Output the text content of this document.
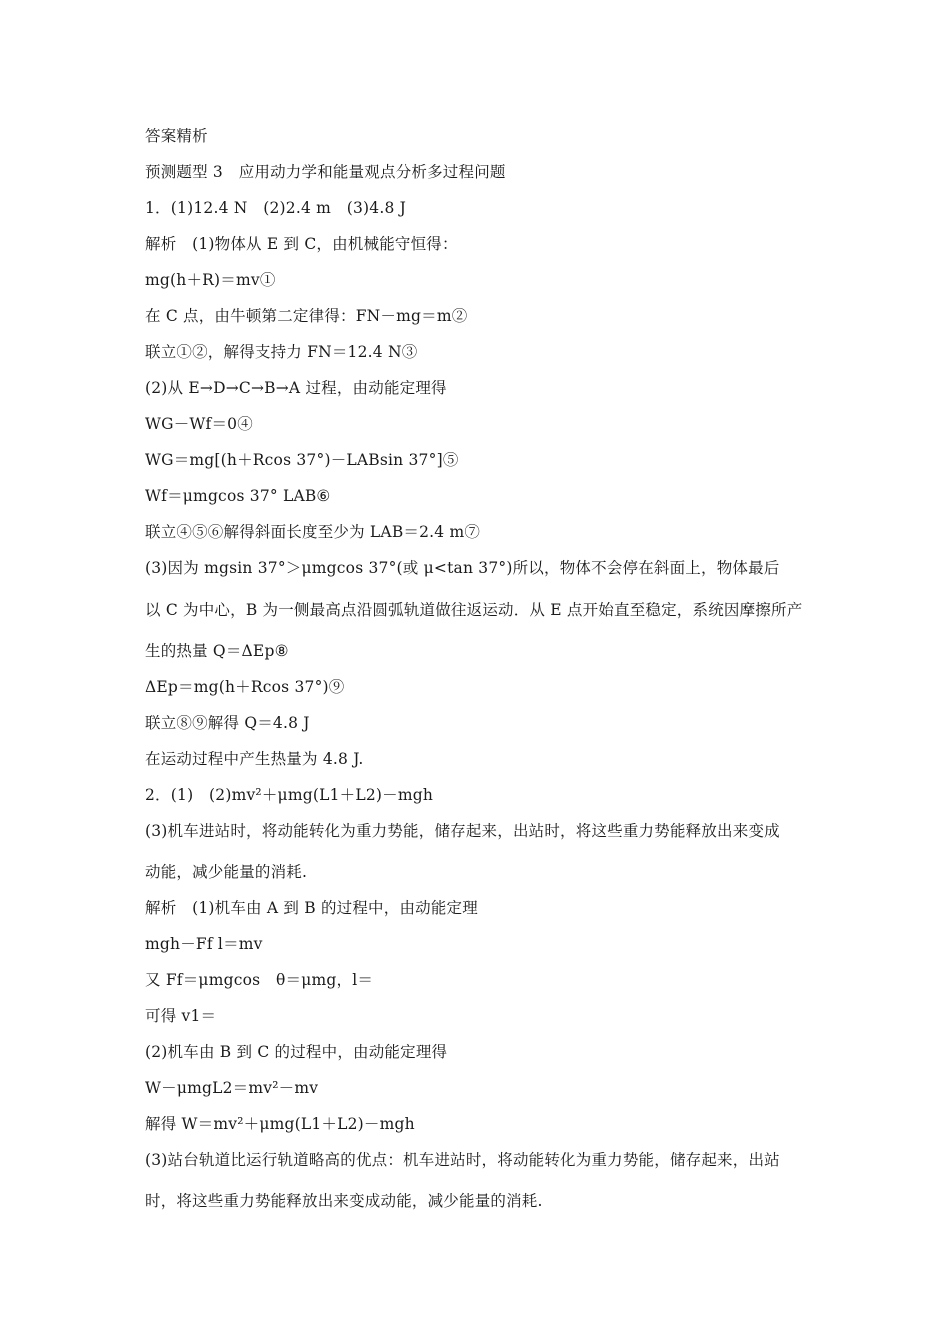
答案精析
预测题型 3　应用动力学和能量观点分析多过程问题
1．(1)12.4 N　(2)2.4 m　(3)4.8 J
解析　(1)物体从 E 到 C，由机械能守恒得：
mg(h＋R)＝mv①
在 C 点，由牛顿第二定律得：FN－mg＝m②
联立①②，解得支持力 FN＝12.4 N③
(2)从 E→D→C→B→A 过程，由动能定理得
WG－Wf＝0④
WG＝mg[(h＋Rcos 37°)－LABsin 37°]⑤
Wf＝μmgcos 37° LAB⑥
联立④⑤⑥解得斜面长度至少为 LAB＝2.4 m⑦
(3)因为 mgsin 37°＞μmgcos 37°(或 μ<tan 37°)所以，物体不会停在斜面上，物体最后
以 C 为中心，B 为一侧最高点沿圆弧轨道做往返运动．从 E 点开始直至稳定，系统因摩擦所产
生的热量 Q＝ΔEp⑧
ΔEp＝mg(h＋Rcos 37°)⑨
联立⑧⑨解得 Q＝4.8 J
在运动过程中产生热量为 4.8 J.
2．(1)　(2)mv²＋μmg(L1＋L2)－mgh
(3)机车进站时，将动能转化为重力势能，储存起来，出站时，将这些重力势能释放出来变成
动能，减少能量的消耗.
解析　(1)机车由 A 到 B 的过程中，由动能定理
mgh－Ff l＝mv
又 Ff＝μmgcos　θ＝μmg，l＝
可得 v1＝
(2)机车由 B 到 C 的过程中，由动能定理得
W－μmgL2＝mv²－mv
解得 W＝mv²＋μmg(L1＋L2)－mgh
(3)站台轨道比运行轨道略高的优点：机车进站时，将动能转化为重力势能，储存起来，出站
时，将这些重力势能释放出来变成动能，减少能量的消耗.
